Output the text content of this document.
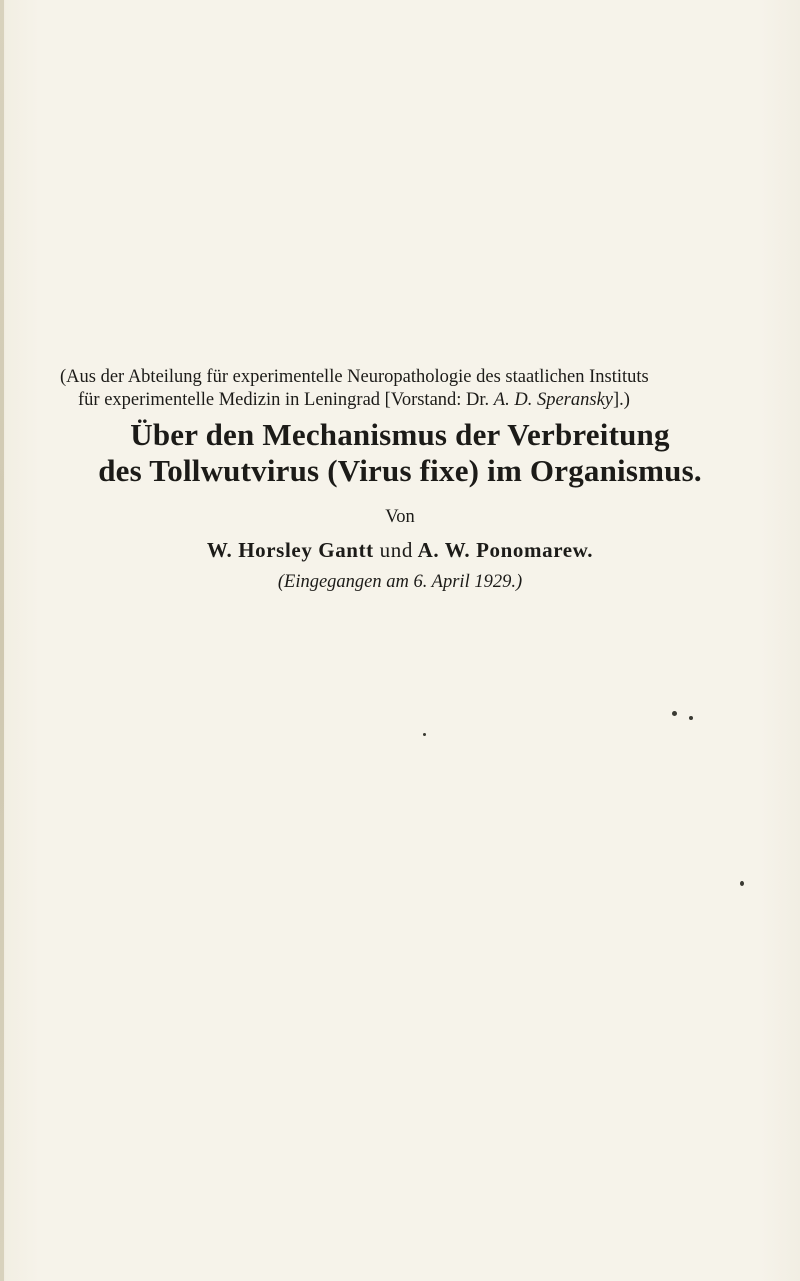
(Aus der Abteilung für experimentelle Neuropathologie des staatlichen Instituts
für experimentelle Medizin in Leningrad [Vorstand: Dr. A. D. Speransky].)
Über den Mechanismus der Verbreitung
des Tollwutvirus (Virus fixe) im Organismus.
Von
W. Horsley Gantt und A. W. Ponomarew.
(Eingegangen am 6. April 1929.)
